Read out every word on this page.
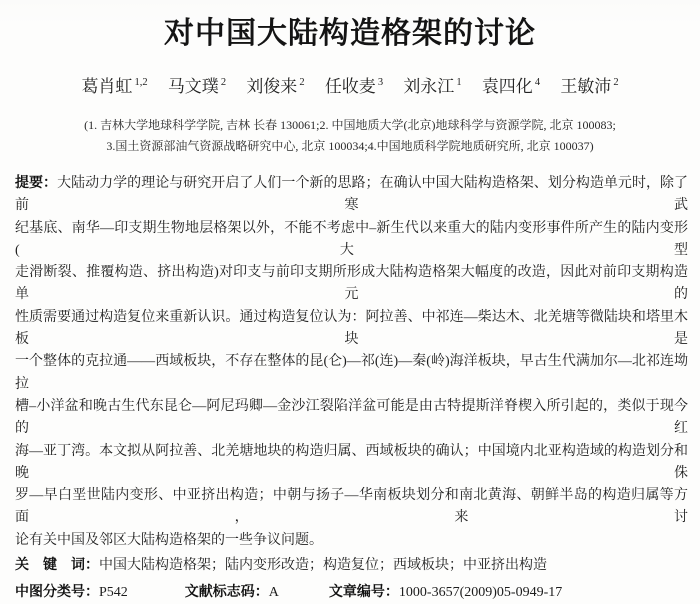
对中国大陆构造格架的讨论
葛肖虹 $^{1,2}$ 马文璞 $^2$ 刘俊来 $^2$ 任收麦 $^3$ 刘永江 $^1$ 袁四化 $^4$ 王敏沛 $^2$
(1. 吉林大学地球科学学院, 吉林 长春 130061;2. 中国地质大学(北京)地球科学与资源学院, 北京 100083;
3.国土资源部油气资源战略研究中心, 北京 100034;4.中国地质科学院地质研究所, 北京 100037)
提要：大陆动力学的理论与研究开启了人们一个新的思路；在确认中国大陆构造格架、划分构造单元时，除了前寒武
纪基底、南华—印支期生物地层格架以外，不能不考虑中–新生代以来重大的陆内变形事件所产生的陆内变形(大型
走滑断裂、推覆构造、挤出构造)对印支与前印支期所形成大陆构造格架大幅度的改造，因此对前印支期构造单元的
性质需要通过构造复位来重新认识。通过构造复位认为：阿拉善、中祁连—柴达木、北羌塘等微陆块和塔里木板块是
一个整体的克拉通——西域板块，不存在整体的昆(仑)—祁(连)—秦(岭)海洋板块，早古生代满加尔—北祁连坳拉
槽–小洋盆和晚古生代东昆仑—阿尼玛卿—金沙江裂陷洋盆可能是由古特提斯洋脊楔入所引起的，类似于现今的红
海—亚丁湾。本文拟从阿拉善、北羌塘地块的构造归属、西域板块的确认；中国境内北亚构造域的构造划分和晚侏
罗—早白垩世陆内变形、中亚挤出构造；中朝与扬子—华南板块划分和南北黄海、朝鲜半岛的构造归属等方面，来讨
论有关中国及邻区大陆构造格架的一些争议问题。
关　键　词：中国大陆构造格架；陆内变形改造；构造复位；西域板块；中亚挤出构造
中图分类号：P542	文献标志码：A	文章编号：1000-3657(2009)05-0949-17
